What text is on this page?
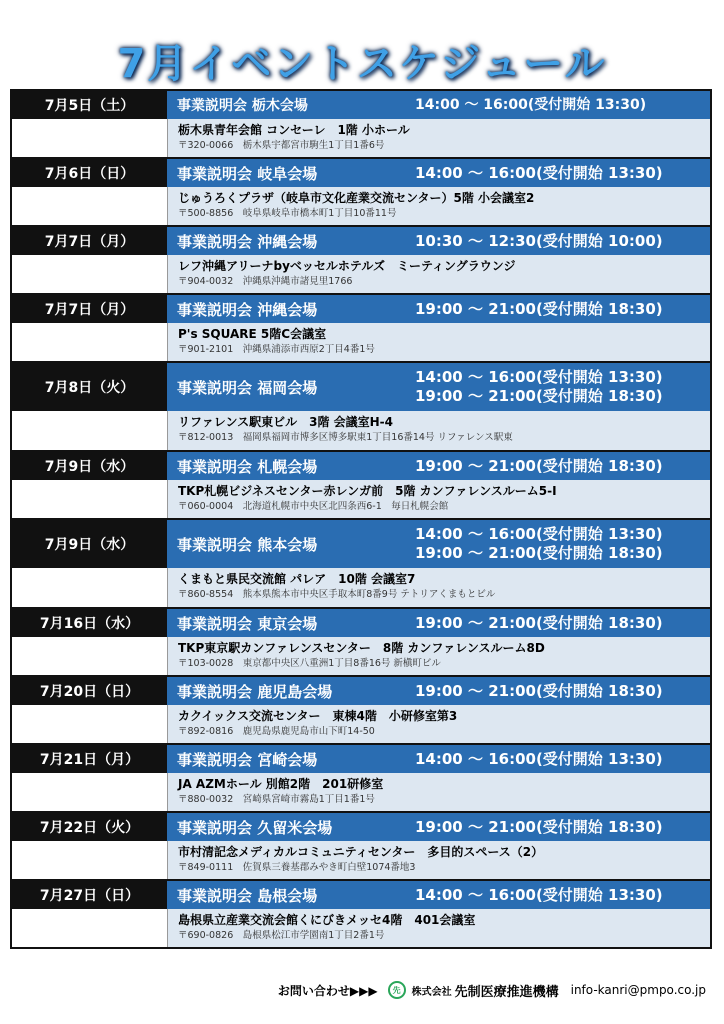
7月イベントスケジュール
7月5日（土）	事業説明会 栃木会場	14:00 ～ 16:00(受付開始 13:30)
栃木県青年会館 コンセーレ　1階 小ホール
〒320-0066　栃木県宇都宮市駒生1丁目1番6号
7月6日（日）	事業説明会 岐阜会場	14:00 ～ 16:00(受付開始 13:30)
じゅうろくプラザ（岐阜市文化産業交流センター）5階 小会議室2
〒500-8856　岐阜県岐阜市橋本町1丁目10番11号
7月7日（月）	事業説明会 沖縄会場	10:30 ～ 12:30(受付開始 10:00)
レフ沖縄アリーナbyベッセルホテルズ　ミーティングラウンジ
〒904-0032　沖縄県沖縄市諸見里1766
7月7日（月）	事業説明会 沖縄会場	19:00 ～ 21:00(受付開始 18:30)
P's SQUARE 5階C会議室
〒901-2101　沖縄県浦添市西原2丁目4番1号
7月8日（火）	事業説明会 福岡会場
14:00 ～ 16:00(受付開始 13:30)
19:00 ～ 21:00(受付開始 18:30)
リファレンス駅東ビル　3階 会議室H-4
〒812-0013　福岡県福岡市博多区博多駅東1丁目16番14号 リファレンス駅東
7月9日（水）	事業説明会 札幌会場	19:00 ～ 21:00(受付開始 18:30)
TKP札幌ビジネスセンター赤レンガ前　5階 カンファレンスルーム5-I
〒060-0004　北海道札幌市中央区北四条西6-1　毎日札幌会館
7月9日（水）	事業説明会 熊本会場
14:00 ～ 16:00(受付開始 13:30)
19:00 ～ 21:00(受付開始 18:30)
くまもと県民交流館 パレア　10階 会議室7
〒860-8554　熊本県熊本市中央区手取本町8番9号 テトリアくまもとビル
7月16日（水）	事業説明会 東京会場	19:00 ～ 21:00(受付開始 18:30)
TKP東京駅カンファレンスセンター　8階 カンファレンスルーム8D
〒103-0028　東京都中央区八重洲1丁目8番16号 新槇町ビル
7月20日（日）	事業説明会 鹿児島会場	19:00 ～ 21:00(受付開始 18:30)
カクイックス交流センター　東棟4階　小研修室第3
〒892-0816　鹿児島県鹿児島市山下町14-50
7月21日（月）	事業説明会 宮崎会場	14:00 ～ 16:00(受付開始 13:30)
JA AZMホール 別館2階　201研修室
〒880-0032　宮崎県宮崎市霧島1丁目1番1号
7月22日（火）	事業説明会 久留米会場	19:00 ～ 21:00(受付開始 18:30)
市村清記念メディカルコミュニティセンター　多目的スペース（2）
〒849-0111　佐賀県三養基郡みやき町白壁1074番地3
7月27日（日）	事業説明会 島根会場	14:00 ～ 16:00(受付開始 13:30)
島根県立産業交流会館くにびきメッセ4階　401会議室
〒690-0826　島根県松江市学園南1丁目2番1号
お問い合わせ▶▶▶	先	株式会社 先制医療推進機構 info-kanri@pmpo.co.jp
